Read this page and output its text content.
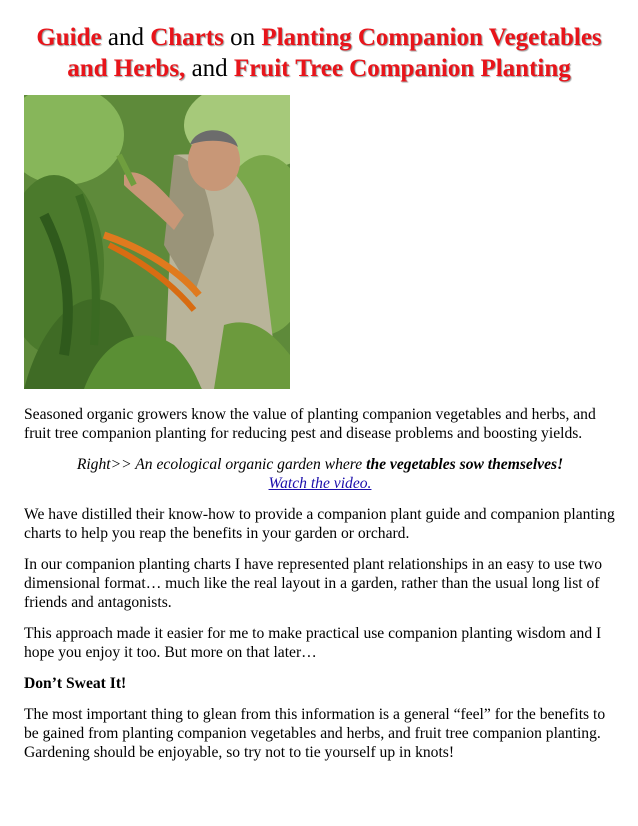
Guide and Charts on Planting Companion Vegetables
and Herbs, and Fruit Tree Companion Planting

Seasoned organic growers know the value of planting companion vegetables and herbs, and fruit tree companion planting for reducing pest and disease problems and boosting yields.

Right>> An ecological organic garden where the vegetables sow themselves!
Watch the video.

We have distilled their know-how to provide a companion plant guide and companion planting charts to help you reap the benefits in your garden or orchard.

In our companion planting charts I have represented plant relationships in an easy to use two dimensional format… much like the real layout in a garden, rather than the usual long list of friends and antagonists.

This approach made it easier for me to make practical use companion planting wisdom and I hope you enjoy it too. But more on that later…

Don’t Sweat It!

The most important thing to glean from this information is a general “feel” for the benefits to be gained from planting companion vegetables and herbs, and fruit tree companion planting. Gardening should be enjoyable, so try not to tie yourself up in knots!
